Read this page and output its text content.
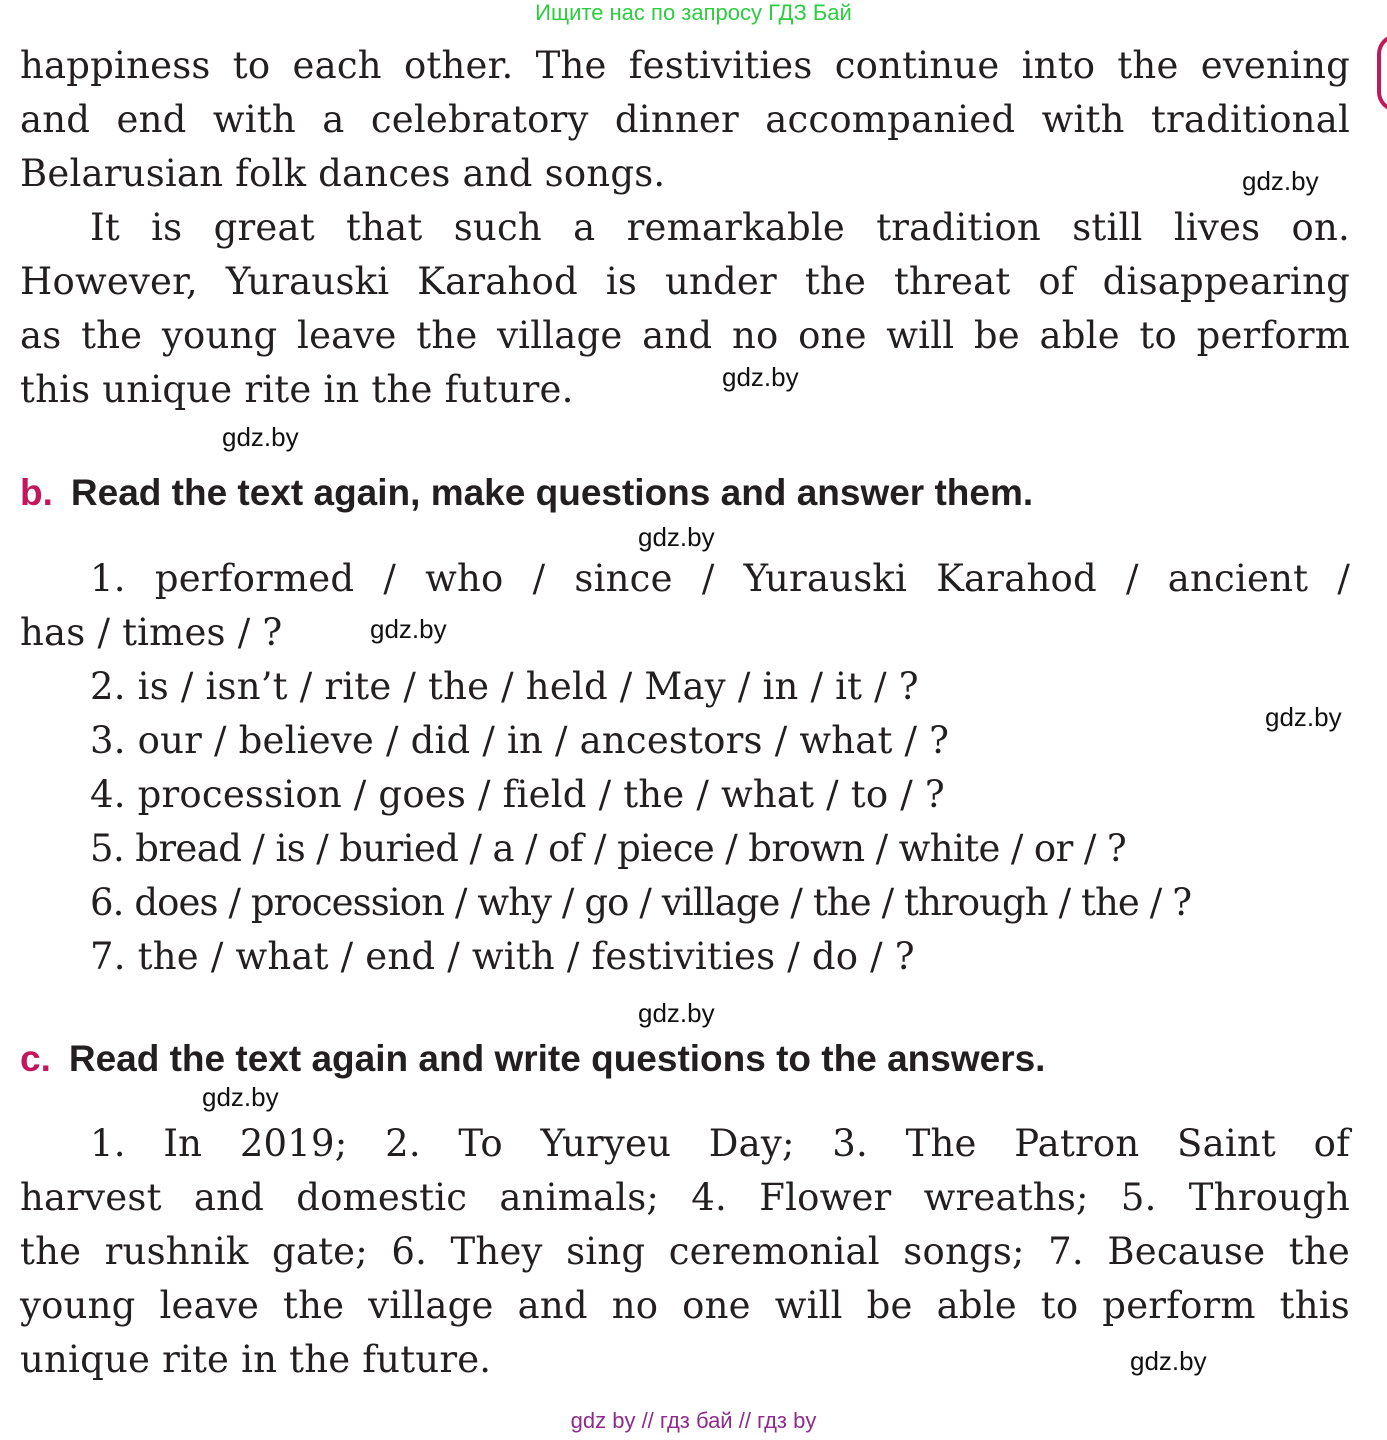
Ищите нас по запросу ГДЗ Бай
happiness to each other. The festivities continue into the evening
and end with a celebratory dinner accompanied with traditional
Belarusian folk dances and songs.
It is great that such a remarkable tradition still lives on.
However, Yurauski Karahod is under the threat of disappearing
as the young leave the village and no one will be able to perform
this unique rite in the future.
b. Read the text again, make questions and answer them.
1. performed / who / since / Yurauski Karahod / ancient /
has / times / ?
2. is / isn’t / rite / the / held / May / in / it / ?
3. our / believe / did / in / ancestors / what / ?
4. procession / goes / field / the / what / to / ?
5. bread / is / buried / a / of / piece / brown / white / or / ?
6. does / procession / why / go / village / the / through / the / ?
7. the / what / end / with / festivities / do / ?
c. Read the text again and write questions to the answers.
1. In 2019; 2. To Yuryeu Day; 3. The Patron Saint of
harvest and domestic animals; 4. Flower wreaths; 5. Through
the rushnik gate; 6. They sing ceremonial songs; 7. Because the
young leave the village and no one will be able to perform this
unique rite in the future.
gdz.by
gdz.by
gdz.by
gdz.by
gdz.by
gdz.by
gdz.by
gdz.by
gdz.by
gdz by // гдз бай // гдз by
